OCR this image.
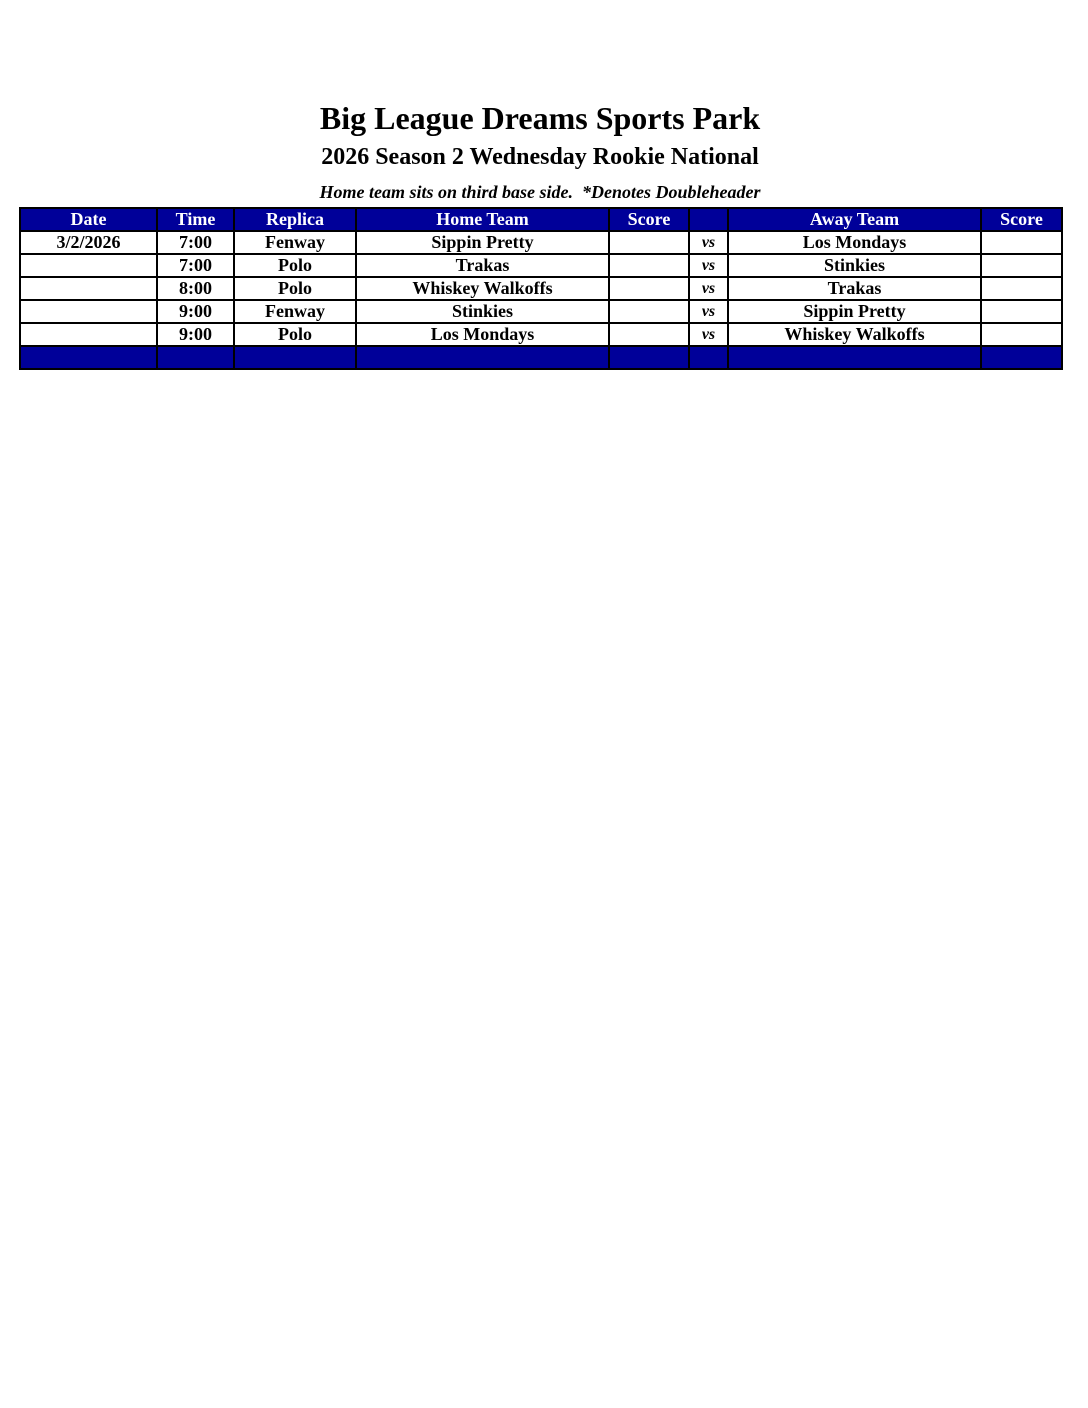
Big League Dreams Sports Park
2026 Season 2 Wednesday Rookie National
Home team sits on third base side.  *Denotes Doubleheader
Date	Time	Replica	Home Team	Score		Away Team	Score
3/2/2026	7:00	Fenway	Sippin Pretty		vs	Los Mondays	
	7:00	Polo	Trakas		vs	Stinkies	
	8:00	Polo	Whiskey Walkoffs		vs	Trakas	
	9:00	Fenway	Stinkies		vs	Sippin Pretty	
	9:00	Polo	Los Mondays		vs	Whiskey Walkoffs	
